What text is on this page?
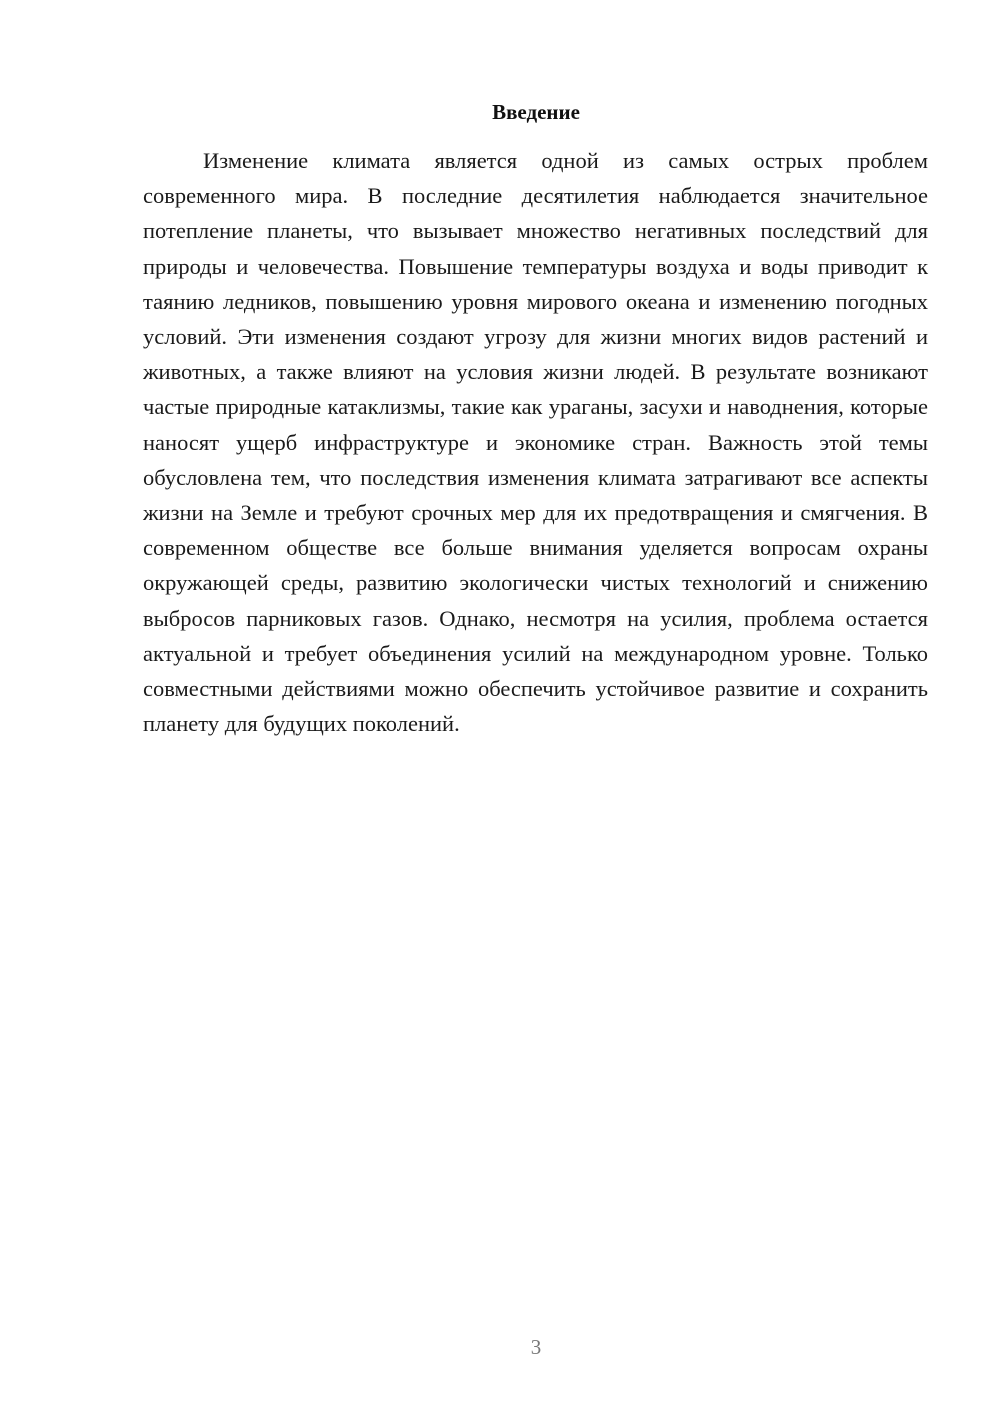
Введение

Изменение климата является одной из самых острых проблем современного мира. В последние десятилетия наблюдается значительное потепление планеты, что вызывает множество негативных последствий для природы и человечества. Повышение температуры воздуха и воды приводит к таянию ледников, повышению уровня мирового океана и изменению погодных условий. Эти изменения создают угрозу для жизни многих видов растений и животных, а также влияют на условия жизни людей. В результате возникают частые природные катаклизмы, такие как ураганы, засухи и наводнения, которые наносят ущерб инфраструктуре и экономике стран. Важность этой темы обусловлена тем, что последствия изменения климата затрагивают все аспекты жизни на Земле и требуют срочных мер для их предотвращения и смягчения. В современном обществе все больше внимания уделяется вопросам охраны окружающей среды, развитию экологически чистых технологий и снижению выбросов парниковых газов. Однако, несмотря на усилия, проблема остается актуальной и требует объединения усилий на международном уровне. Только совместными действиями можно обеспечить устойчивое развитие и сохранить планету для будущих поколений.

3
